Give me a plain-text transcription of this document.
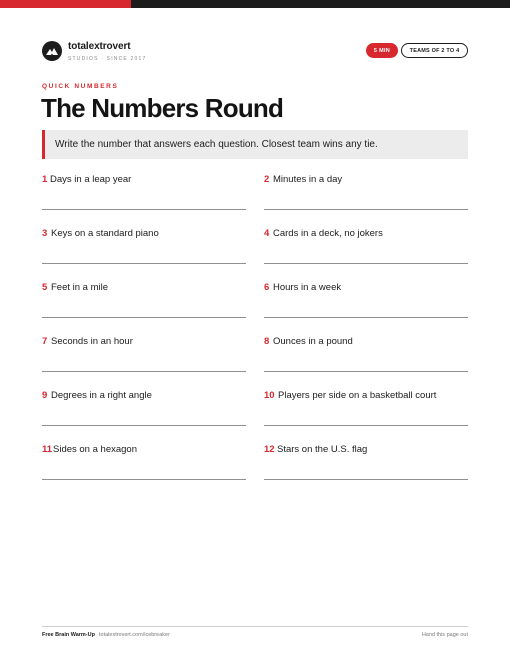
totalextrovert
STUDIOS · SINCE 2017
5 MIN	TEAMS OF 2 TO 4
QUICK NUMBERS
The Numbers Round
Write the number that answers each question. Closest team wins any tie.
1 Days in a leap year	2 Minutes in a day
3 Keys on a standard piano	4 Cards in a deck, no jokers
5 Feet in a mile	6 Hours in a week
7 Seconds in an hour	8 Ounces in a pound
9 Degrees in a right angle	10 Players per side on a basketball court
11 Sides on a hexagon	12 Stars on the U.S. flag
Free Brain Warm-Up totalextrovert.com/icebreaker	Hand this page out
